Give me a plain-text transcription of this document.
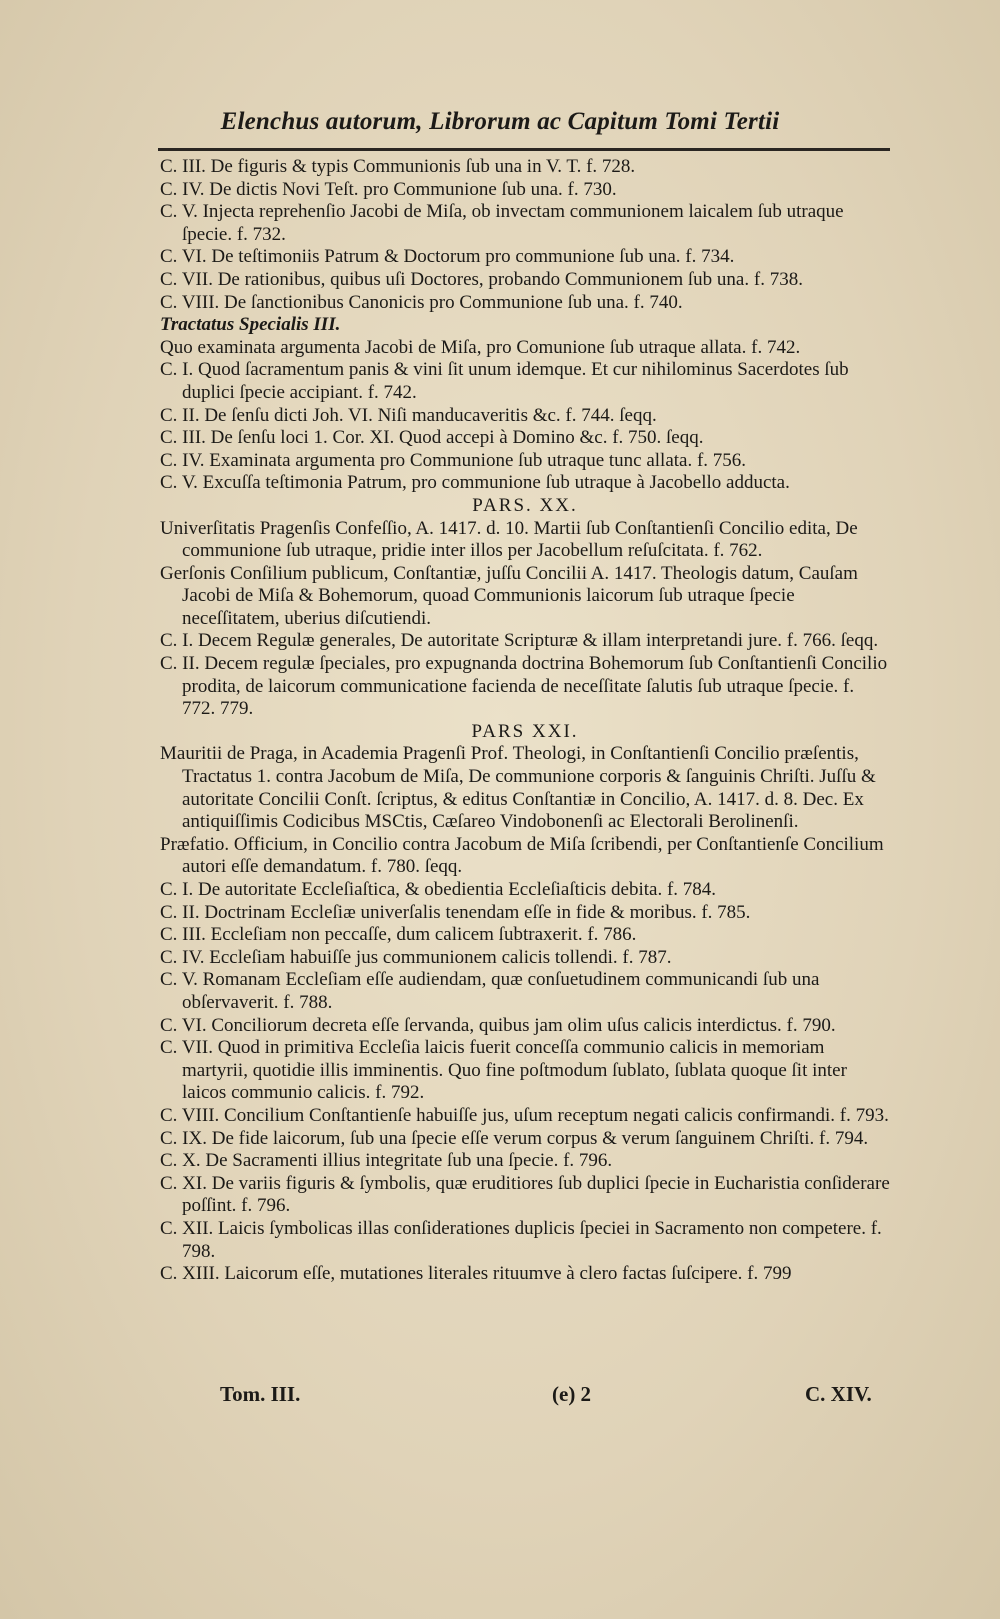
Elenchus autorum, Librorum ac Capitum Tomi Tertii

C. III. De figuris & typis Communionis ſub una in V. T. f. 728.

C. IV. De dictis Novi Teſt. pro Communione ſub una. f. 730.

C. V. Injecta reprehenſio Jacobi de Miſa, ob invectam communionem laicalem ſub utraque ſpecie. f. 732.

C. VI. De teſtimoniis Patrum & Doctorum pro communione ſub una. f. 734.

C. VII. De rationibus, quibus uſi Doctores, probando Communionem ſub una. f. 738.

C. VIII. De ſanctionibus Canonicis pro Communione ſub una. f. 740.

Tractatus Specialis III.

Quo examinata argumenta Jacobi de Miſa, pro Comunione ſub utraque allata. f. 742.

C. I. Quod ſacramentum panis & vini ſit unum idemque. Et cur nihilominus Sacerdotes ſub duplici ſpecie accipiant. f. 742.

C. II. De ſenſu dicti Joh. VI. Niſi manducaveritis &c. f. 744. ſeqq.

C. III. De ſenſu loci 1. Cor. XI. Quod accepi à Domino &c. f. 750. ſeqq.

C. IV. Examinata argumenta pro Communione ſub utraque tunc allata. f. 756.

C. V. Excuſſa teſtimonia Patrum, pro communione ſub utraque à Jacobello adducta.

PARS. XX.

Univerſitatis Pragenſis Confeſſio, A. 1417. d. 10. Martii ſub Conſtantienſi Concilio edita, De communione ſub utraque, pridie inter illos per Jacobellum reſuſcitata. f. 762.

Gerſonis Conſilium publicum, Conſtantiæ, juſſu Concilii A. 1417. Theologis datum, Cauſam Jacobi de Miſa & Bohemorum, quoad Communionis laicorum ſub utraque ſpecie neceſſitatem, uberius diſcutiendi.

C. I. Decem Regulæ generales, De autoritate Scripturæ & illam interpretandi jure. f. 766. ſeqq.

C. II. Decem regulæ ſpeciales, pro expugnanda doctrina Bohemorum ſub Conſtantienſi Concilio prodita, de laicorum communicatione facienda de neceſſitate ſalutis ſub utraque ſpecie. f. 772. 779.

PARS XXI.

Mauritii de Praga, in Academia Pragenſi Prof. Theologi, in Conſtantienſi Concilio præſentis, Tractatus 1. contra Jacobum de Miſa, De communione corporis & ſanguinis Chriſti. Juſſu & autoritate Concilii Conſt. ſcriptus, & editus Conſtantiæ in Concilio, A. 1417. d. 8. Dec. Ex antiquiſſimis Codicibus MSCtis, Cæſareo Vindobonenſi ac Electorali Berolinenſi.

Præfatio. Officium, in Concilio contra Jacobum de Miſa ſcribendi, per Conſtantienſe Concilium autori eſſe demandatum. f. 780. ſeqq.

C. I. De autoritate Eccleſiaſtica, & obedientia Eccleſiaſticis debita. f. 784.

C. II. Doctrinam Eccleſiæ univerſalis tenendam eſſe in fide & moribus. f. 785.

C. III. Eccleſiam non peccaſſe, dum calicem ſubtraxerit. f. 786.

C. IV. Eccleſiam habuiſſe jus communionem calicis tollendi. f. 787.

C. V. Romanam Eccleſiam eſſe audiendam, quæ conſuetudinem communicandi ſub una obſervaverit. f. 788.

C. VI. Conciliorum decreta eſſe ſervanda, quibus jam olim uſus calicis interdictus. f. 790.

C. VII. Quod in primitiva Eccleſia laicis fuerit conceſſa communio calicis in memoriam martyrii, quotidie illis imminentis. Quo fine poſtmodum ſublato, ſublata quoque ſit inter laicos communio calicis. f. 792.

C. VIII. Concilium Conſtantienſe habuiſſe jus, uſum receptum negati calicis confirmandi. f. 793.

C. IX. De fide laicorum, ſub una ſpecie eſſe verum corpus & verum ſanguinem Chriſti. f. 794.

C. X. De Sacramenti illius integritate ſub una ſpecie. f. 796.

C. XI. De variis figuris & ſymbolis, quæ eruditiores ſub duplici ſpecie in Eucharistia conſiderare poſſint. f. 796.

C. XII. Laicis ſymbolicas illas conſiderationes duplicis ſpeciei in Sacramento non competere. f. 798.

C. XIII. Laicorum eſſe, mutationes literales rituumve à clero factas ſuſcipere. f. 799

Tom. III.	(e) 2	C. XIV.
